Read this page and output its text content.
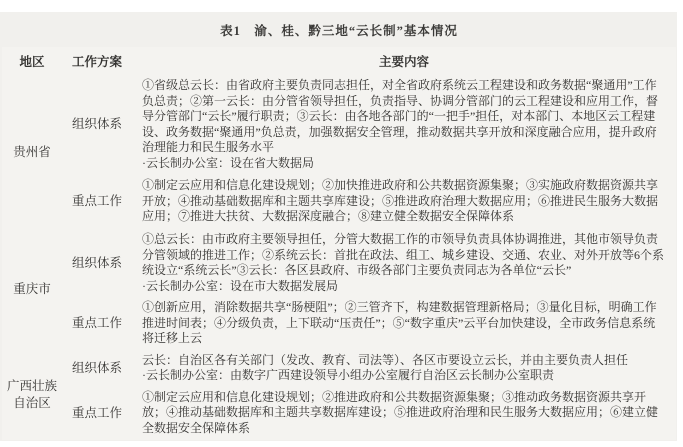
表1　渝、桂、黔三地“云长制”基本情况
地区	工作方案	主要内容
贵州省	组织体系	①省级总云长：由省政府主要负责同志担任，对全省政府系统云工程建设和政务数据“聚通用”工作负总责；②第一云长：由分管省领导担任，负责指导、协调分管部门的云工程建设和应用工作，督导分管部门“云长”履行职责；③云长：由各地各部门的“一把手”担任，对本部门、本地区云工程建设、政务数据“聚通用”负总责，加强数据安全管理，推动数据共享开放和深度融合应用，提升政府治理能力和民生服务水平
·云长制办公室：设在省大数据局

	重点工作	①制定云应用和信息化建设规划；②加快推进政府和公共数据资源集聚；③实施政府数据资源共享开放；④推动基础数据库和主题共享库建设；⑤推进政府治理大数据应用；⑥推进民生服务大数据应用；⑦推进大扶贫、大数据深度融合；⑧建立健全数据安全保障体系

重庆市	组织体系	①总云长：由市政府主要领导担任，分管大数据工作的市领导负责具体协调推进，其他市领导负责分管领域的推进工作；②系统云长：首批在政法、组工、城乡建设、交通、农业、对外开放等6个系统设立“系统云长”③云长：各区县政府、市级各部门主要负责同志为各单位“云长”
·云长制办公室：设在市大数据发展局

	重点工作	①创新应用，消除数据共享“肠梗阻”；②三管齐下，构建数据管理新格局；③量化目标，明确工作推进时间表；④分级负责，上下联动“压责任”；⑤“数字重庆”云平台加快建设，全市政务信息系统将迁移上云

广西壮族自治区	组织体系	云长：自治区各有关部门（发改、教育、司法等）、各区市要设立云长，并由主要负责人担任
·云长制办公室：由数字广西建设领导小组办公室履行自治区云长制办公室职责

	重点工作	①制定云应用和信息化建设规划；②推进政府和公共数据资源集聚；③推动政务数据资源共享开放；④推动基础数据库和主题共享数据库建设；⑤推进政府治理和民生服务大数据应用；⑥建立健全数据安全保障体系
